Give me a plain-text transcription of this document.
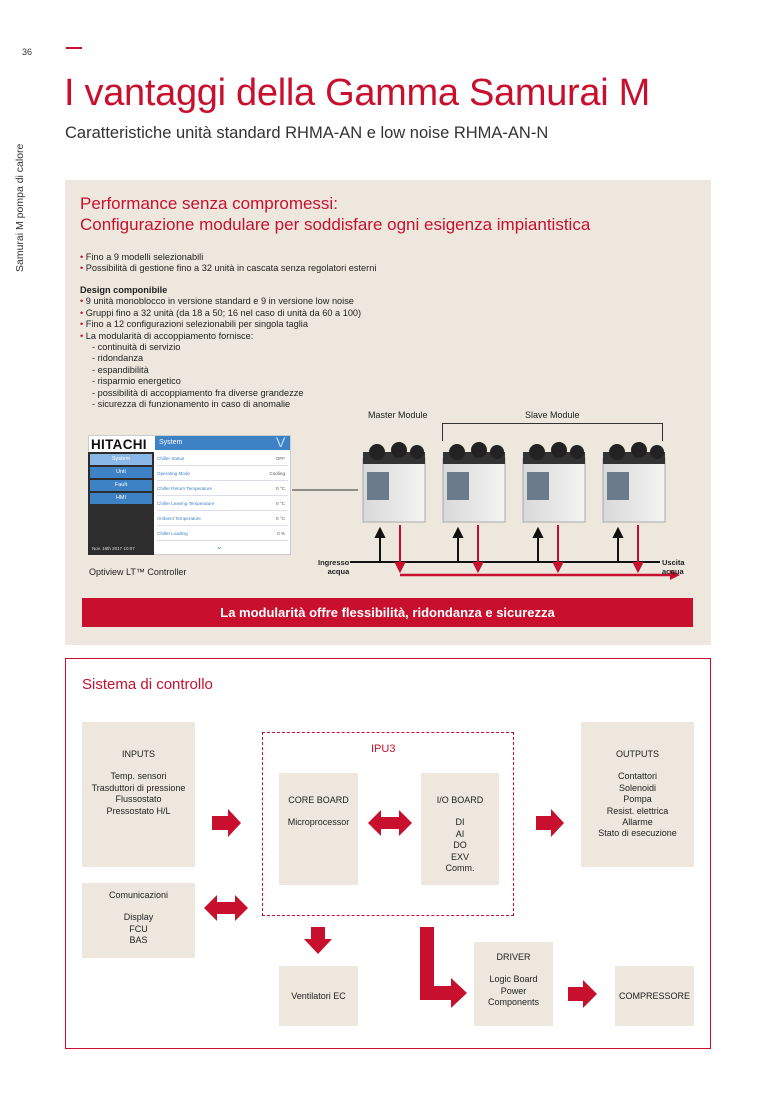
36
Samurai M pompa di calore
I vantaggi della Gamma Samurai M
Caratteristiche unità standard RHMA-AN e low noise RHMA-AN-N
Performance senza compromessi:
Configurazione modulare per soddisfare ogni esigenza impiantistica
• Fino a 9 modelli selezionabili
• Possibilità di gestione fino a 32 unità in cascata senza regolatori esterni
Design componibile
• 9 unità monoblocco in versione standard e 9 in versione low noise
• Gruppi fino a 32 unità (da 18 a 50; 16 nel caso di unità da 60 a 100)
• Fino a 12 configurazioni selezionabili per singola taglia
• La modularità di accoppiamento fornisce:
- continuità di servizio
- ridondanza
- espandibilità
- risparmio energetico
- possibilità di accoppiamento fra diverse grandezze
- sicurezza di funzionamento in caso di anomalie
Master Module	Slave Module
HITACHI	System	V
System
Unit
Fault
HMI
Nov. 16th 2017 10:07
Chiller Status	OFF
Operating Mode	Cooling
Chiller Return Temperature	0 °C
Chiller Leaving Temperature	0 °C
Ambient Temperature	0 °C
Chiller Loading	0 %
⌄
Optiview LT™ Controller
Ingresso
acqua
Uscita
acqua
La modularità offre flessibilità, ridondanza e sicurezza
Sistema di controllo
INPUTS
Temp. sensori
Trasduttori di pressione
Flussostato
Pressostato H/L
Comunicazioni
Display
FCU
BAS
IPU3
CORE BOARD
Microprocessor
I/O BOARD
DI
AI
DO
EXV
Comm.
OUTPUTS
Contattori
Solenoidi
Pompa
Resist. elettrica
Allarme
Stato di esecuzione
Ventilatori EC
DRIVER
Logic Board
Power
Components
COMPRESSORE
